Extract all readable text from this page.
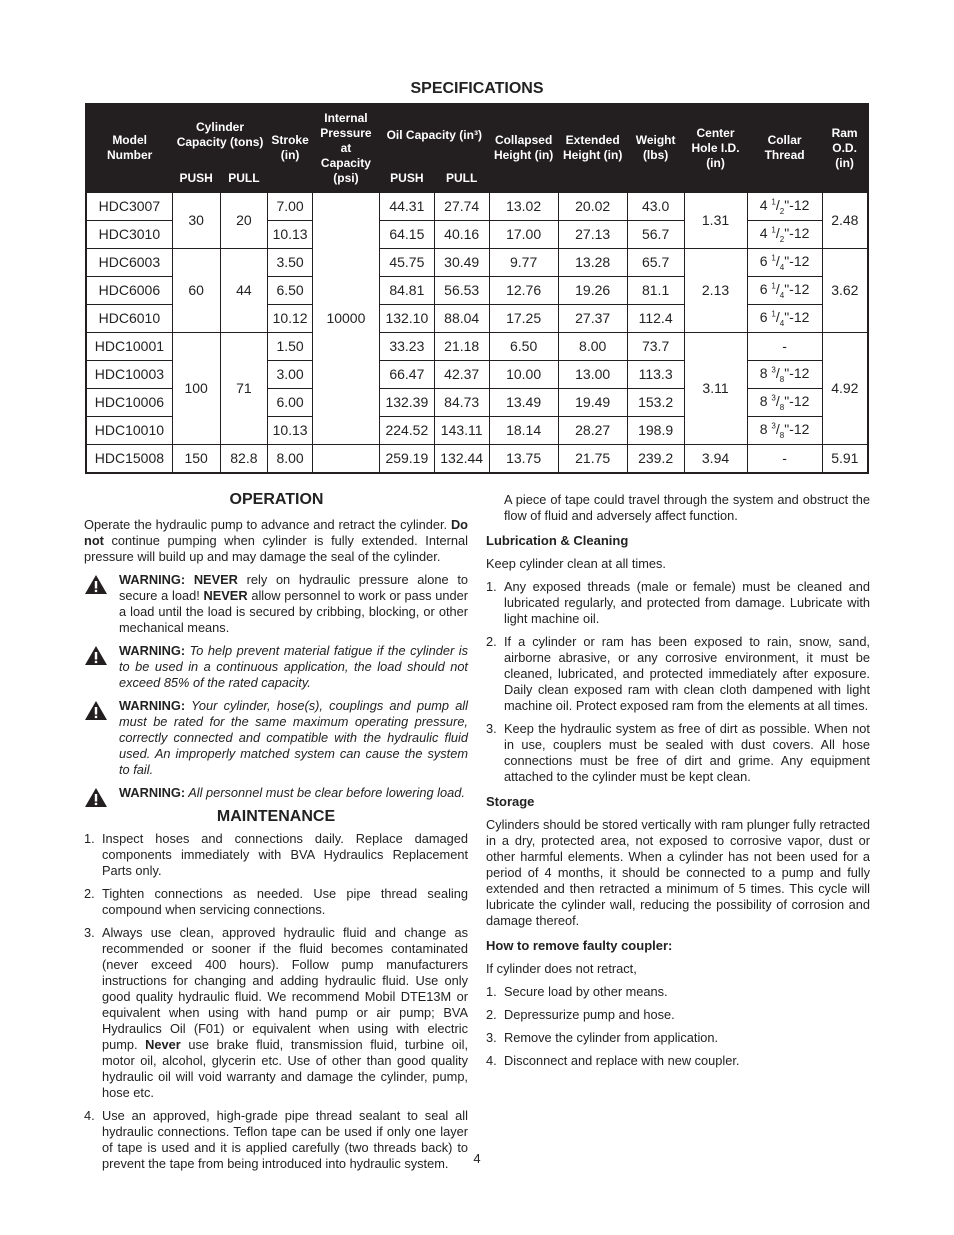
SPECIFICATIONS
Model Number	Cylinder Capacity (tons)		Stroke (in)	Internal Pressure at Capacity (psi)	Oil Capacity (in³)		Collapsed Height (in)	Extended Height (in)	Weight (lbs)	Center Hole I.D. (in)	Collar Thread	Ram O.D. (in)
	PUSH	PULL			PUSH	PULL						
HDC3007	30	20	7.00	10000	44.31	27.74	13.02	20.02	43.0	1.31	4 $^1/_2"-12$	2.48
HDC3010			10.13		64.15	40.16	17.00	27.13	56.7		4 $^1/_2"-12$	
HDC6003	60	44	3.50		45.75	30.49	9.77	13.28	65.7	2.13	6 $^1/_4"-12$	3.62
HDC6006			6.50		84.81	56.53	12.76	19.26	81.1		6 $^1/_4"-12$	
HDC6010			10.12		132.10	88.04	17.25	27.37	112.4		6 $^1/_4"-12$	
HDC10001	100	71	1.50		33.23	21.18	6.50	8.00	73.7	3.11	-	4.92
HDC10003			3.00		66.47	42.37	10.00	13.00	113.3		8 $^3/_8"-12$	
HDC10006			6.00		132.39	84.73	13.49	19.49	153.2		8 $^3/_8"-12$	
HDC10010			10.13		224.52	143.11	18.14	28.27	198.9		8 $^3/_8"-12$	
HDC15008	150	82.8	8.00		259.19	132.44	13.75	21.75	239.2	3.94	-	5.91
OPERATION

Operate the hydraulic pump to advance and retract the cylinder. Do not continue pumping when cylinder is fully extended. Internal pressure will build up and may damage the seal of the cylinder.

WARNING: NEVER rely on hydraulic pressure alone to secure a load! NEVER allow personnel to work or pass under a load until the load is secured by cribbing, blocking, or other mechanical means.
WARNING: To help prevent material fatigue if the cylinder is to be used in a continuous application, the load should not exceed 85% of the rated capacity.
WARNING: Your cylinder, hose(s), couplings and pump all must be rated for the same maximum operating pressure, correctly connected and compatible with the hydraulic fluid used. An improperly matched system can cause the system to fail.
WARNING: All personnel must be clear before lowering load.
MAINTENANCE
1. Inspect hoses and connections daily. Replace damaged components immediately with BVA Hydraulics Replacement Parts only.
2. Tighten connections as needed. Use pipe thread sealing compound when servicing connections.
3. Always use clean, approved hydraulic fluid and change as recommended or sooner if the fluid becomes contaminated (never exceed 400 hours). Follow pump manufacturers instructions for changing and adding hydraulic fluid. Use only good quality hydraulic fluid. We recommend Mobil DTE13M or equivalent when using with hand pump or air pump; BVA Hydraulics Oil (F01) or equivalent when using with electric pump. Never use brake fluid, transmission fluid, turbine oil, motor oil, alcohol, glycerin etc. Use of other than good quality hydraulic oil will void warranty and damage the cylinder, pump, hose etc.
4. Use an approved, high-grade pipe thread sealant to seal all hydraulic connections. Teflon tape can be used if only one layer of tape is used and it is applied carefully (two threads back) to prevent the tape from being introduced into hydraulic system.

A piece of tape could travel through the system and obstruct the flow of fluid and adversely affect function.

Lubrication & Cleaning

Keep cylinder clean at all times.

1. Any exposed threads (male or female) must be cleaned and lubricated regularly, and protected from damage. Lubricate with light machine oil.
2. If a cylinder or ram has been exposed to rain, snow, sand, airborne abrasive, or any corrosive environment, it must be cleaned, lubricated, and protected immediately after exposure. Daily clean exposed ram with clean cloth dampened with light machine oil. Protect exposed ram from the elements at all times.
3. Keep the hydraulic system as free of dirt as possible. When not in use, couplers must be sealed with dust covers. All hose connections must be free of dirt and grime. Any equipment attached to the cylinder must be kept clean.
Storage

Cylinders should be stored vertically with ram plunger fully retracted in a dry, protected area, not exposed to corrosive vapor, dust or other harmful elements. When a cylinder has not been used for a period of 4 months, it should be connected to a pump and fully extended and then retracted a minimum of 5 times. This cycle will lubricate the cylinder wall, reducing the possibility of corrosion and damage thereof.

How to remove faulty coupler:

If cylinder does not retract,

1. Secure load by other means.
2. Depressurize pump and hose.
3. Remove the cylinder from application.
4. Disconnect and replace with new coupler.
4
